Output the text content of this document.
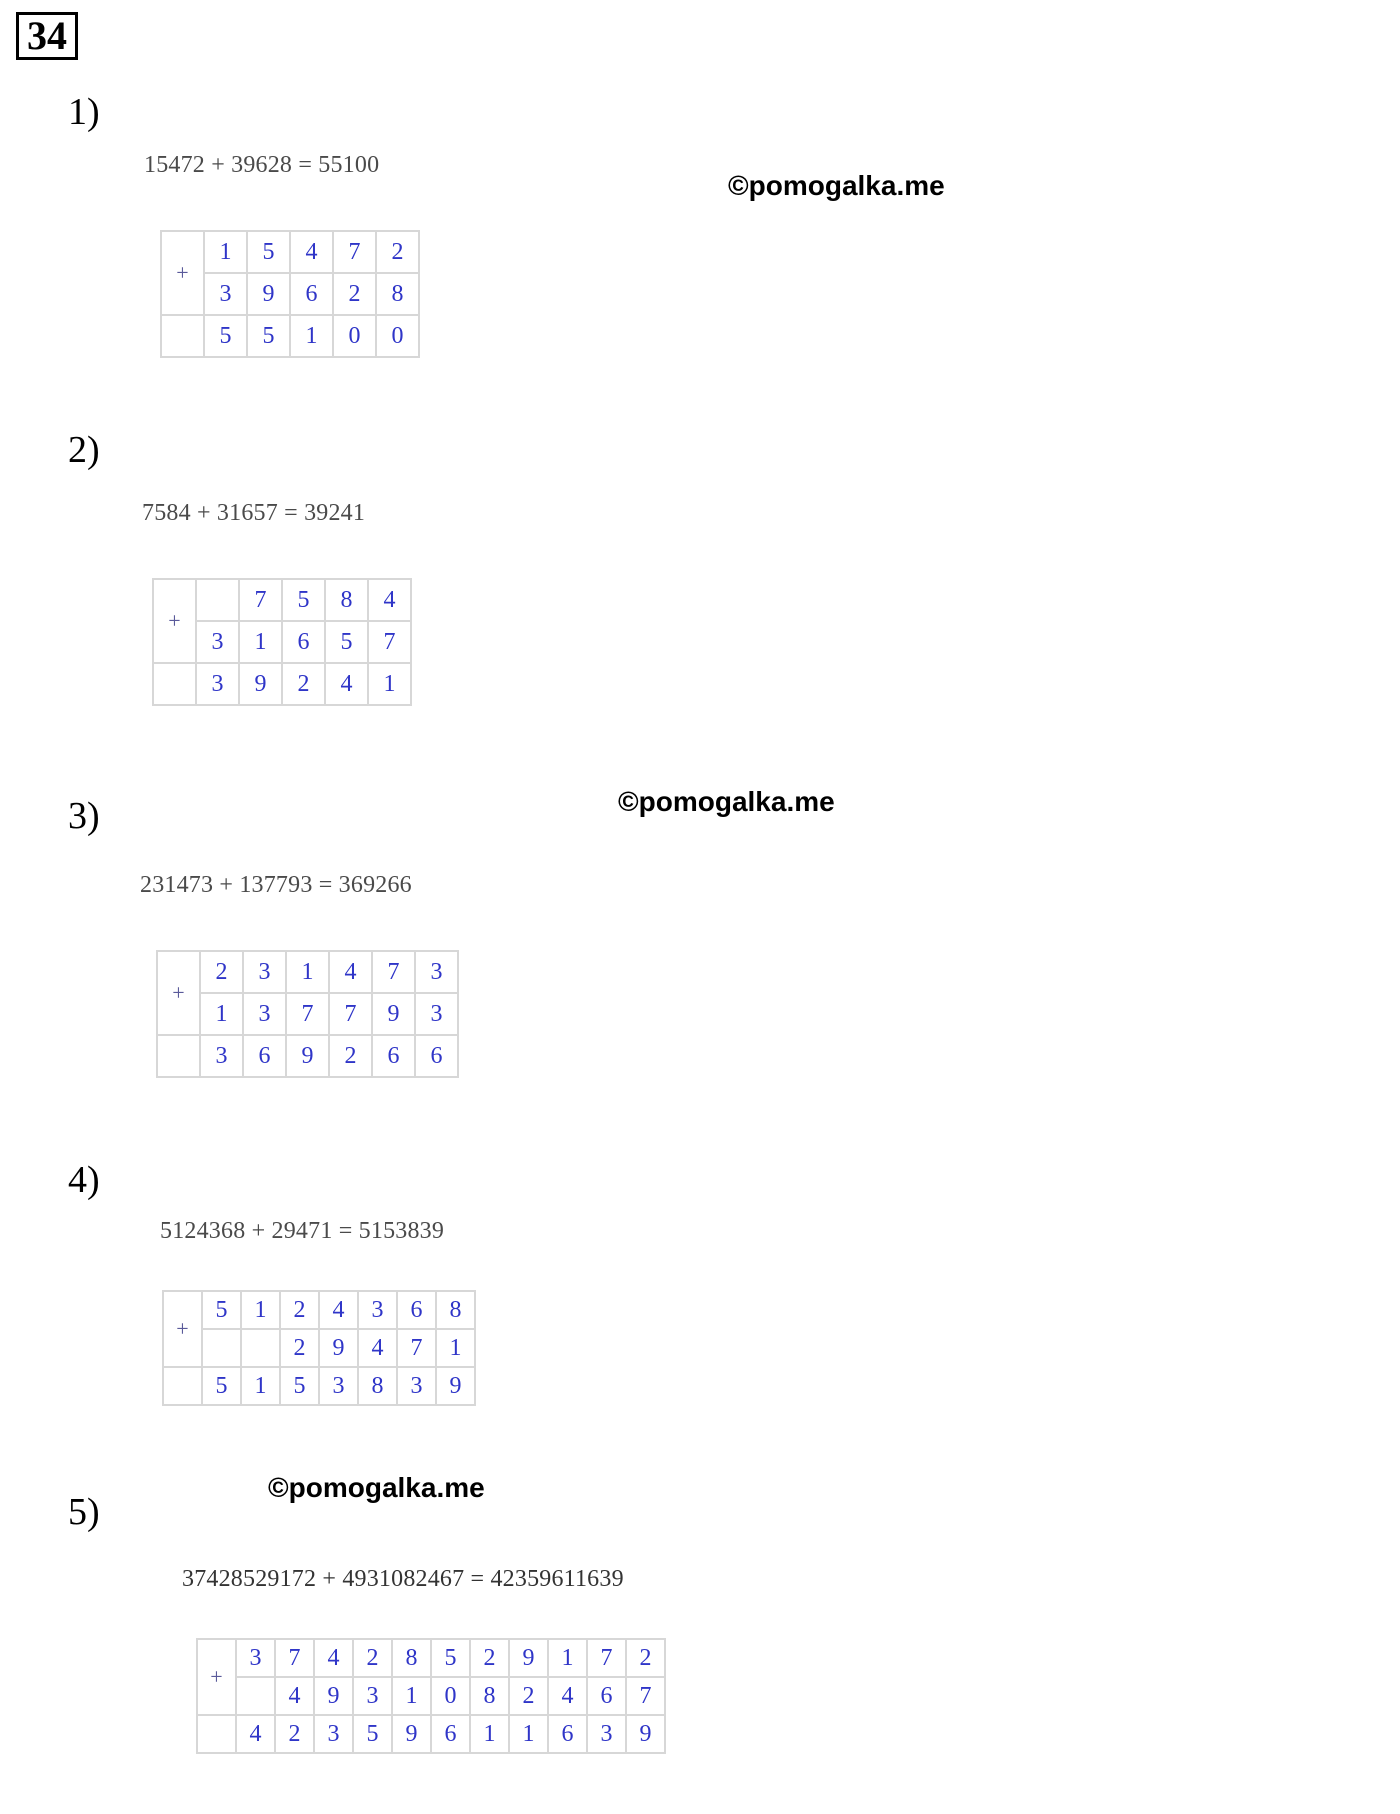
34
1)
2)
3)
4)
5)
15472 + 39628 = 55100
7584 + 31657 = 39241
231473 + 137793 = 369266
5124368 + 29471 = 5153839
37428529172 + 4931082467 = 42359611639
©pomogalka.me
©pomogalka.me
©pomogalka.me
+	1	5	4	7	2
	3	9	6	2	8
	5	5	1	0	0
+		7	5	8	4
	3	1	6	5	7
	3	9	2	4	1
+	2	3	1	4	7	3
	1	3	7	7	9	3
	3	6	9	2	6	6
+	5	1	2	4	3	6	8
			2	9	4	7	1
	5	1	5	3	8	3	9
+	3	7	4	2	8	5	2	9	1	7	2
		4	9	3	1	0	8	2	4	6	7
	4	2	3	5	9	6	1	1	6	3	9
